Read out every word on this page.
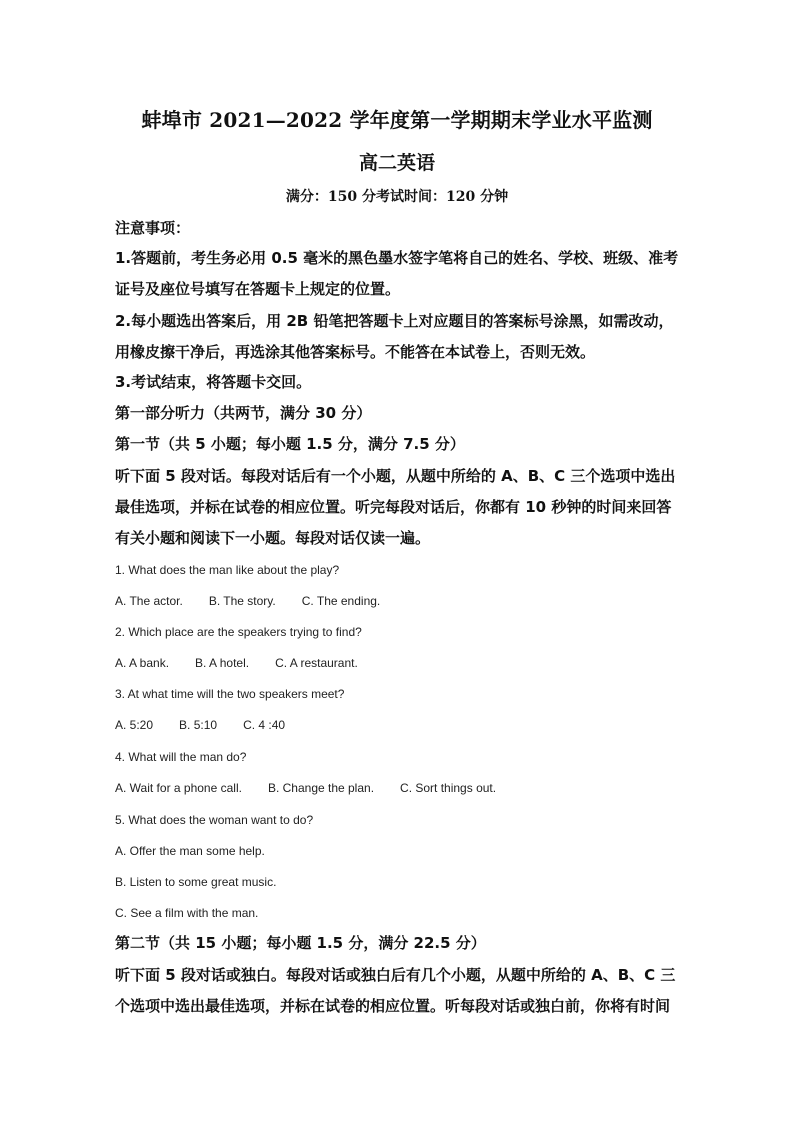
蚌埠市 2021—2022 学年度第一学期期末学业水平监测
高二英语
满分：150 分考试时间：120 分钟
注意事项：
1.答题前，考生务必用 0.5 毫米的黑色墨水签字笔将自己的姓名、学校、班级、准考
证号及座位号填写在答题卡上规定的位置。
2.每小题选出答案后，用 2B 铅笔把答题卡上对应题目的答案标号涂黑，如需改动，
用橡皮擦干净后，再选涂其他答案标号。不能答在本试卷上，否则无效。
3.考试结束，将答题卡交回。
第一部分听力（共两节，满分 30 分）
第一节（共 5 小题；每小题 1.5 分，满分 7.5 分）
听下面 5 段对话。每段对话后有一个小题，从题中所给的 A、B、C 三个选项中选出
最佳选项，并标在试卷的相应位置。听完每段对话后，你都有 10 秒钟的时间来回答
有关小题和阅读下一小题。每段对话仅读一遍。
1. What does the man like about the play?
A. The actor. B. The story. C. The ending.
2. Which place are the speakers trying to find?
A. A bank. B. A hotel. C. A restaurant.
3. At what time will the two speakers meet?
A. 5:20 B. 5:10 C. 4 :40
4. What will the man do?
A. Wait for a phone call. B. Change the plan. C. Sort things out.
5. What does the woman want to do?
A. Offer the man some help.
B. Listen to some great music.
C. See a film with the man.
第二节（共 15 小题；每小题 1.5 分，满分 22.5 分）
听下面 5 段对话或独白。每段对话或独白后有几个小题，从题中所给的 A、B、C 三
个选项中选出最佳选项，并标在试卷的相应位置。听每段对话或独白前，你将有时间
